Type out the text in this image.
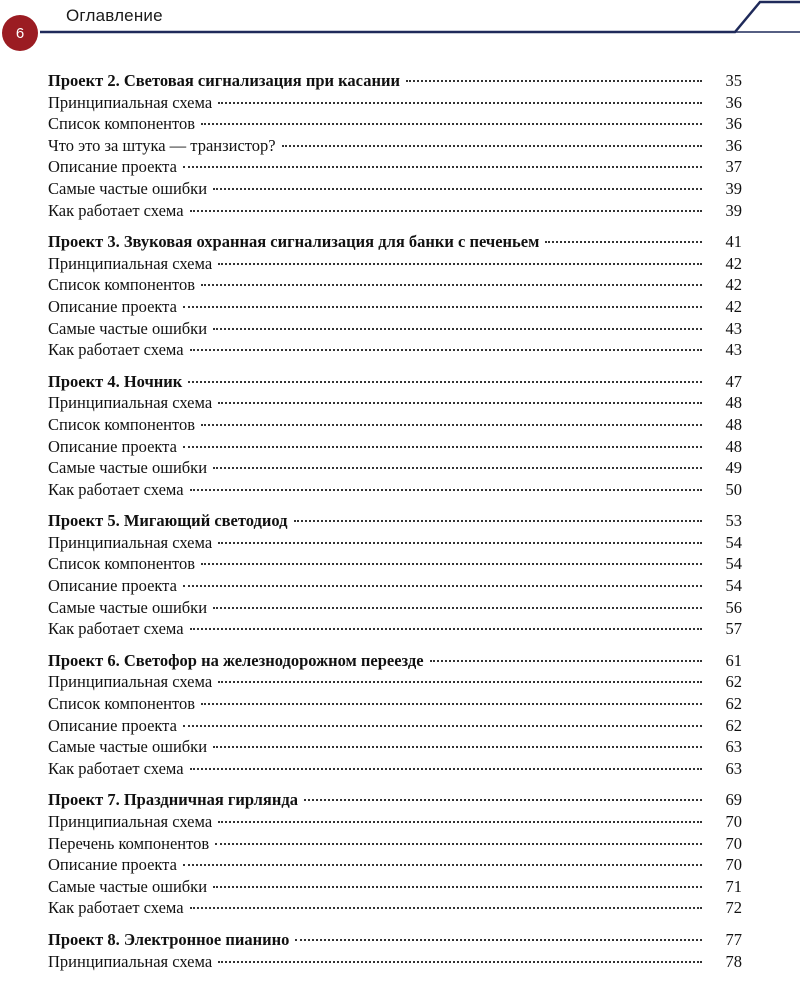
6
Оглавление
Проект 2. Световая сигнализация при касании	35
Принципиальная схема	36
Список компонентов	36
Что это за штука — транзистор?	36
Описание проекта	37
Самые частые ошибки	39
Как работает схема	39
Проект 3. Звуковая охранная сигнализация для банки с печеньем	41
Принципиальная схема	42
Список компонентов	42
Описание проекта	42
Самые частые ошибки	43
Как работает схема	43
Проект 4. Ночник	47
Принципиальная схема	48
Список компонентов	48
Описание проекта	48
Самые частые ошибки	49
Как работает схема	50
Проект 5. Мигающий светодиод	53
Принципиальная схема	54
Список компонентов	54
Описание проекта	54
Самые частые ошибки	56
Как работает схема	57
Проект 6. Светофор на железнодорожном переезде	61
Принципиальная схема	62
Список компонентов	62
Описание проекта	62
Самые частые ошибки	63
Как работает схема	63
Проект 7. Праздничная гирлянда	69
Принципиальная схема	70
Перечень компонентов	70
Описание проекта	70
Самые частые ошибки	71
Как работает схема	72
Проект 8. Электронное пианино	77
Принципиальная схема	78
